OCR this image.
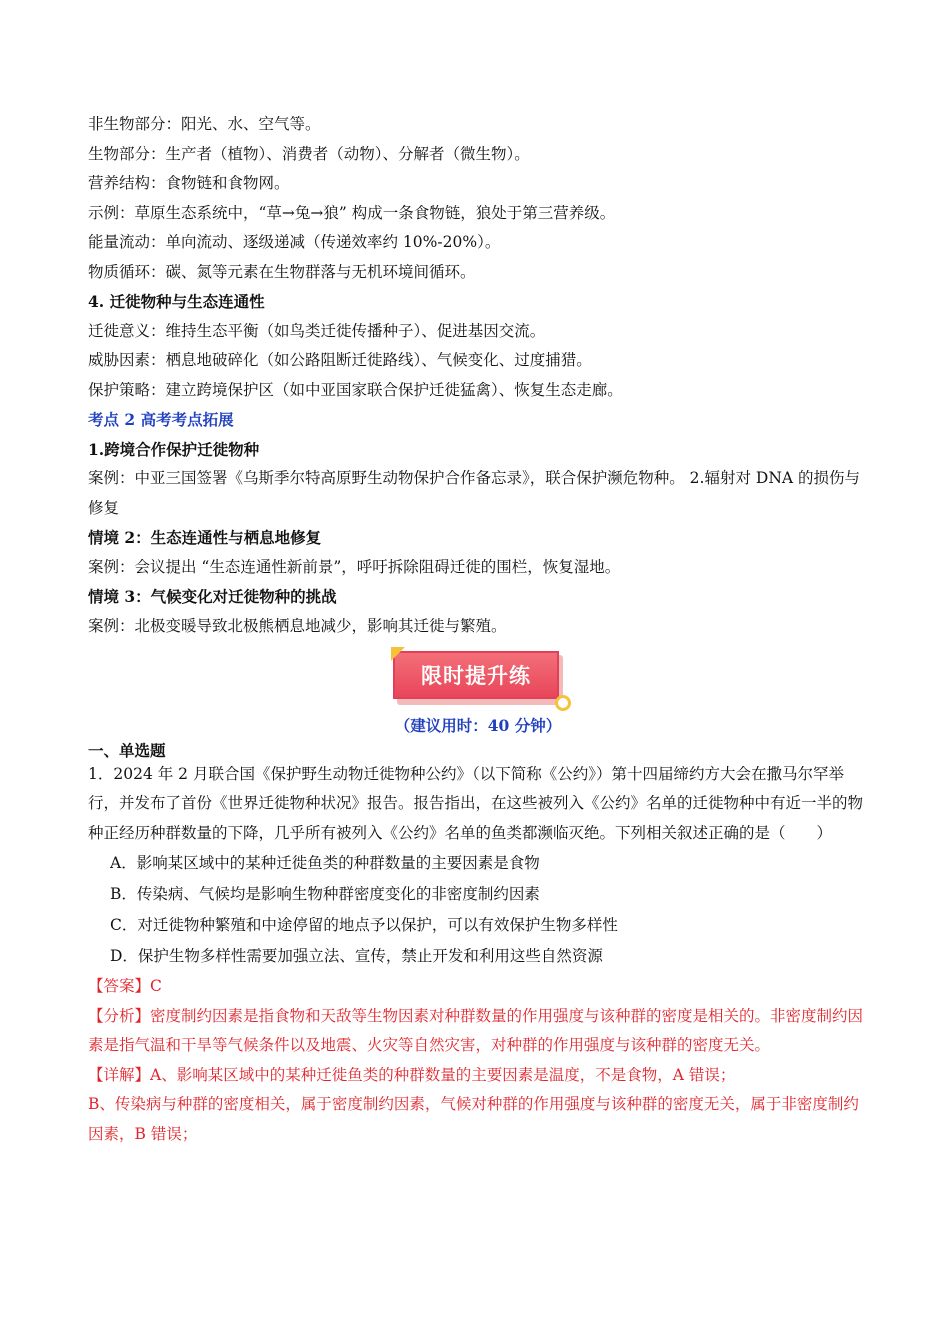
非生物部分：阳光、水、空气等。
生物部分：生产者（植物）、消费者（动物）、分解者（微生物）。
营养结构：食物链和食物网。
示例：草原生态系统中，“草→兔→狼” 构成一条食物链，狼处于第三营养级。
能量流动：单向流动、逐级递减（传递效率约 10%-20%）。
物质循环：碳、氮等元素在生物群落与无机环境间循环。
4. 迁徙物种与生态连通性
迁徙意义：维持生态平衡（如鸟类迁徙传播种子）、促进基因交流。
威胁因素：栖息地破碎化（如公路阻断迁徙路线）、气候变化、过度捕猎。
保护策略：建立跨境保护区（如中亚国家联合保护迁徙猛禽）、恢复生态走廊。
考点 2 高考考点拓展
1.跨境合作保护迁徙物种
案例：中亚三国签署《乌斯季尔特高原野生动物保护合作备忘录》，联合保护濒危物种。 2.辐射对 DNA 的损伤与修复
情境 2：生态连通性与栖息地修复
案例：会议提出 “生态连通性新前景”，呼吁拆除阻碍迁徙的围栏，恢复湿地。
情境 3：气候变化对迁徙物种的挑战
案例：北极变暖导致北极熊栖息地减少，影响其迁徙与繁殖。
限时提升练
（建议用时：40 分钟）
一、单选题
1．2024 年 2 月联合国《保护野生动物迁徙物种公约》（以下简称《公约》）第十四届缔约方大会在撒马尔罕举行，并发布了首份《世界迁徙物种状况》报告。报告指出，在这些被列入《公约》名单的迁徙物种中有近一半的物种正经历种群数量的下降，几乎所有被列入《公约》名单的鱼类都濒临灭绝。下列相关叙述正确的是（　　）
A．影响某区域中的某种迁徙鱼类的种群数量的主要因素是食物
B．传染病、气候均是影响生物种群密度变化的非密度制约因素
C．对迁徙物种繁殖和中途停留的地点予以保护，可以有效保护生物多样性
D．保护生物多样性需要加强立法、宣传，禁止开发和利用这些自然资源
【答案】C
【分析】密度制约因素是指食物和天敌等生物因素对种群数量的作用强度与该种群的密度是相关的。非密度制约因素是指气温和干旱等气候条件以及地震、火灾等自然灾害，对种群的作用强度与该种群的密度无关。
【详解】A、影响某区域中的某种迁徙鱼类的种群数量的主要因素是温度，不是食物，A 错误；
B、传染病与种群的密度相关，属于密度制约因素，气候对种群的作用强度与该种群的密度无关，属于非密度制约因素，B 错误；
